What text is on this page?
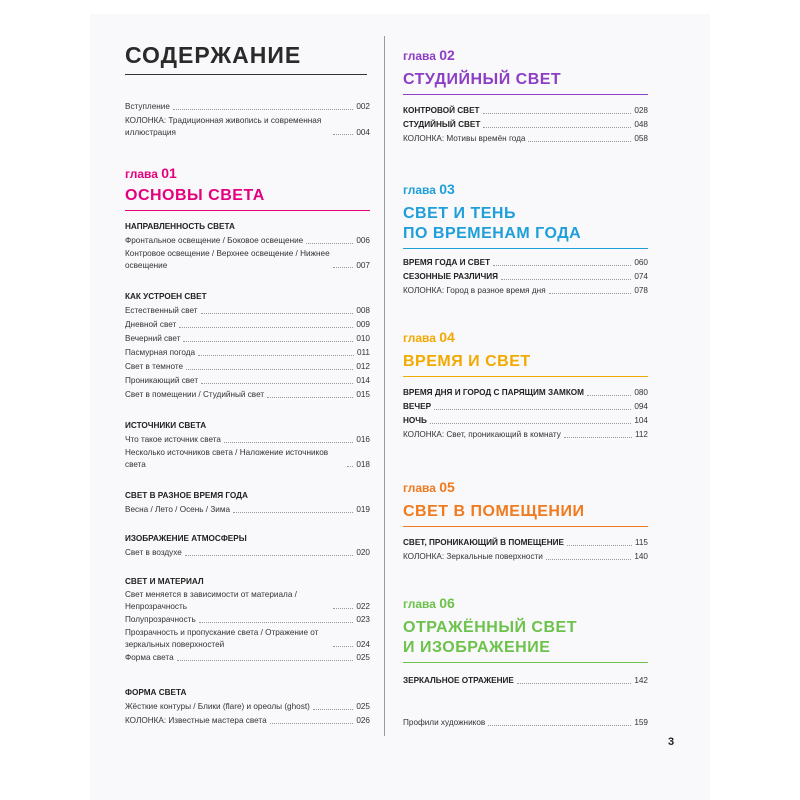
СОДЕРЖАНИЕ
Вступление	002
КОЛОНКА: Традиционная живопись и современная иллюстрация	004
глава 01
ОСНОВЫ СВЕТА
НАПРАВЛЕННОСТЬ СВЕТА
Фронтальное освещение / Боковое освещение	006
Контровое освещение / Верхнее освещение / Нижнее освещение	007
КАК УСТРОЕН СВЕТ
Естественный свет	008
Дневной свет	009
Вечерний свет	010
Пасмурная погода	011
Свет в темноте	012
Проникающий свет	014
Свет в помещении / Студийный свет	015
ИСТОЧНИКИ СВЕТА
Что такое источник света	016
Несколько источников света / Наложение источников света	018
СВЕТ В РАЗНОЕ ВРЕМЯ ГОДА
Весна / Лето / Осень / Зима	019
ИЗОБРАЖЕНИЕ АТМОСФЕРЫ
Свет в воздухе	020
СВЕТ И МАТЕРИАЛ
Свет меняется в зависимости от материала / Непрозрачность	022
Полупрозрачность	023
Прозрачность и пропускание света / Отражение от зеркальных поверхностей	024
Форма света	025
ФОРМА СВЕТА
Жёсткие контуры / Блики (flare) и ореолы (ghost)	025
КОЛОНКА: Известные мастера света	026
глава 02
СТУДИЙНЫЙ СВЕТ
КОНТРОВОЙ СВЕТ	028
СТУДИЙНЫЙ СВЕТ	048
КОЛОНКА: Мотивы времён года	058
глава 03
СВЕТ И ТЕНЬ
ПО ВРЕМЕНАМ ГОДА
ВРЕМЯ ГОДА И СВЕТ	060
СЕЗОННЫЕ РАЗЛИЧИЯ	074
КОЛОНКА: Город в разное время дня	078
глава 04
ВРЕМЯ И СВЕТ
ВРЕМЯ ДНЯ И ГОРОД С ПАРЯЩИМ ЗАМКОМ	080
ВЕЧЕР	094
НОЧЬ	104
КОЛОНКА: Свет, проникающий в комнату	112
глава 05
СВЕТ В ПОМЕЩЕНИИ
СВЕТ, ПРОНИКАЮЩИЙ В ПОМЕЩЕНИЕ	115
КОЛОНКА: Зеркальные поверхности	140
глава 06
ОТРАЖЁННЫЙ СВЕТ
И ИЗОБРАЖЕНИЕ
ЗЕРКАЛЬНОЕ ОТРАЖЕНИЕ	142
Профили художников	159
3
